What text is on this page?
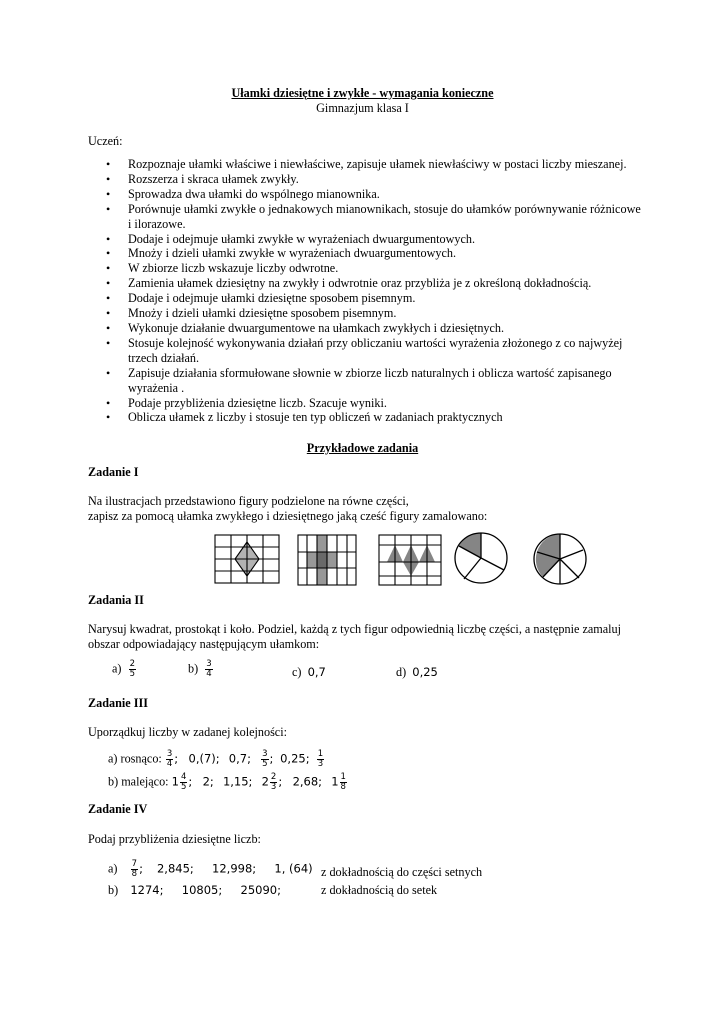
Ułamki dziesiętne i zwykłe - wymagania konieczne
Gimnazjum klasa I
Uczeń:
• Rozpoznaje ułamki właściwe i niewłaściwe, zapisuje ułamek niewłaściwy w postaci liczby mieszanej.
• Rozszerza i skraca ułamek zwykły.
• Sprowadza dwa ułamki do wspólnego mianownika.
• Porównuje ułamki zwykłe o jednakowych mianownikach, stosuje do ułamków porównywanie różnicowe i ilorazowe.
• Dodaje i odejmuje ułamki zwykłe w wyrażeniach dwuargumentowych.
• Mnoży i dzieli ułamki zwykłe w wyrażeniach dwuargumentowych.
• W zbiorze liczb wskazuje liczby odwrotne.
• Zamienia ułamek dziesiętny na zwykły i odwrotnie oraz przybliża je z określoną dokładnością.
• Dodaje i odejmuje ułamki dziesiętne sposobem pisemnym.
• Mnoży i dzieli ułamki dziesiętne sposobem pisemnym.
• Wykonuje działanie dwuargumentowe na ułamkach zwykłych i dziesiętnych.
• Stosuje kolejność wykonywania działań przy obliczaniu wartości wyrażenia złożonego z co najwyżej trzech działań.
• Zapisuje działania sformułowane słownie w zbiorze liczb naturalnych i oblicza wartość zapisanego wyrażenia .
• Podaje przybliżenia dziesiętne liczb. Szacuje wyniki.
• Oblicza ułamek z liczby i stosuje ten typ obliczeń w zadaniach praktycznych
Przykładowe zadania
Zadanie I
Na ilustracjach przedstawiono figury podzielone na równe części,
zapisz za pomocą ułamka zwykłego i dziesiętnego jaką cześć figury zamalowano:
Zadania II
Narysuj kwadrat, prostokąt i koło. Podziel, każdą z tych figur odpowiednią liczbę części, a następnie zamaluj
obszar odpowiadający następującym ułamkom:
$a) \frac{2}{5}$	$b) \frac{3}{4}$	c) 0,7	d) 0,25
Zadanie III
Uporządkuj liczby w zadanej kolejności:
a) rosnąco: $\frac{3}{4}$ ;   0,(7); 0,7; $\frac{3}{5}$ ;  0,25; $\frac{1}{3}$
b) malejąco: $1 \frac{4}{5}$ ;   2; 1,15; $2 \frac{2}{3}$ ;   2,68; $1 \frac{1}{8}$
Zadanie IV
Podaj przybliżenia dziesiętne liczb:
$a) \frac{7}{8}$ ;    2,845;     12,998;     1, (64) z dokładnością do części setnych
b) 1274;     10805;     25090;	z dokładnością do setek
